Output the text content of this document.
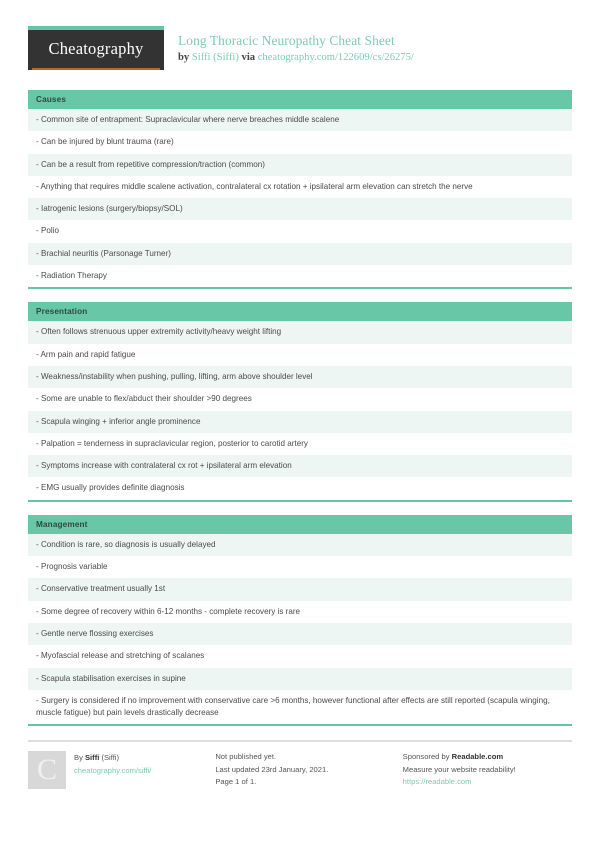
Cheatography	Long Thoracic Neuropathy Cheat Sheet
by Siffi (Siffi) via cheatography.com/122609/cs/26275/
Causes
- Common site of entrapment: Supraclavicular where nerve breaches middle scalene
- Can be injured by blunt trauma (rare)
- Can be a result from repetitive compression/traction (common)
- Anything that requires middle scalene activation, contralateral cx rotation + ipsilateral arm elevation can stretch the nerve
- Iatrogenic lesions (surgery/biopsy/SOL)
- Polio
- Brachial neuritis (Parsonage Turner)
- Radiation Therapy
Presentation
- Often follows strenuous upper extremity activity/heavy weight lifting
- Arm pain and rapid fatigue
- Weakness/instability when pushing, pulling, lifting, arm above shoulder level
- Some are unable to flex/abduct their shoulder >90 degrees
- Scapula winging + inferior angle prominence
- Palpation = tenderness in supraclavicular region, posterior to carotid artery
- Symptoms increase with contralateral cx rot + ipsilateral arm elevation
- EMG usually provides definite diagnosis
Management
- Condition is rare, so diagnosis is usually delayed
- Prognosis variable
- Conservative treatment usually 1st
- Some degree of recovery within 6-12 months - complete recovery is rare
- Gentle nerve flossing exercises
- Myofascial release and stretching of scalanes
- Scapula stabilisation exercises in supine
- Surgery is considered if no improvement with conservative care >6 months, however functional after effects are still reported (scapula winging, muscle fatigue) but pain levels drastically decrease
C	By Siffi (Siffi)
cheatography.com/siffi/
Not published yet.
Last updated 23rd January, 2021.
Page 1 of 1.
Sponsored by Readable.com
Measure your website readability!
https://readable.com
